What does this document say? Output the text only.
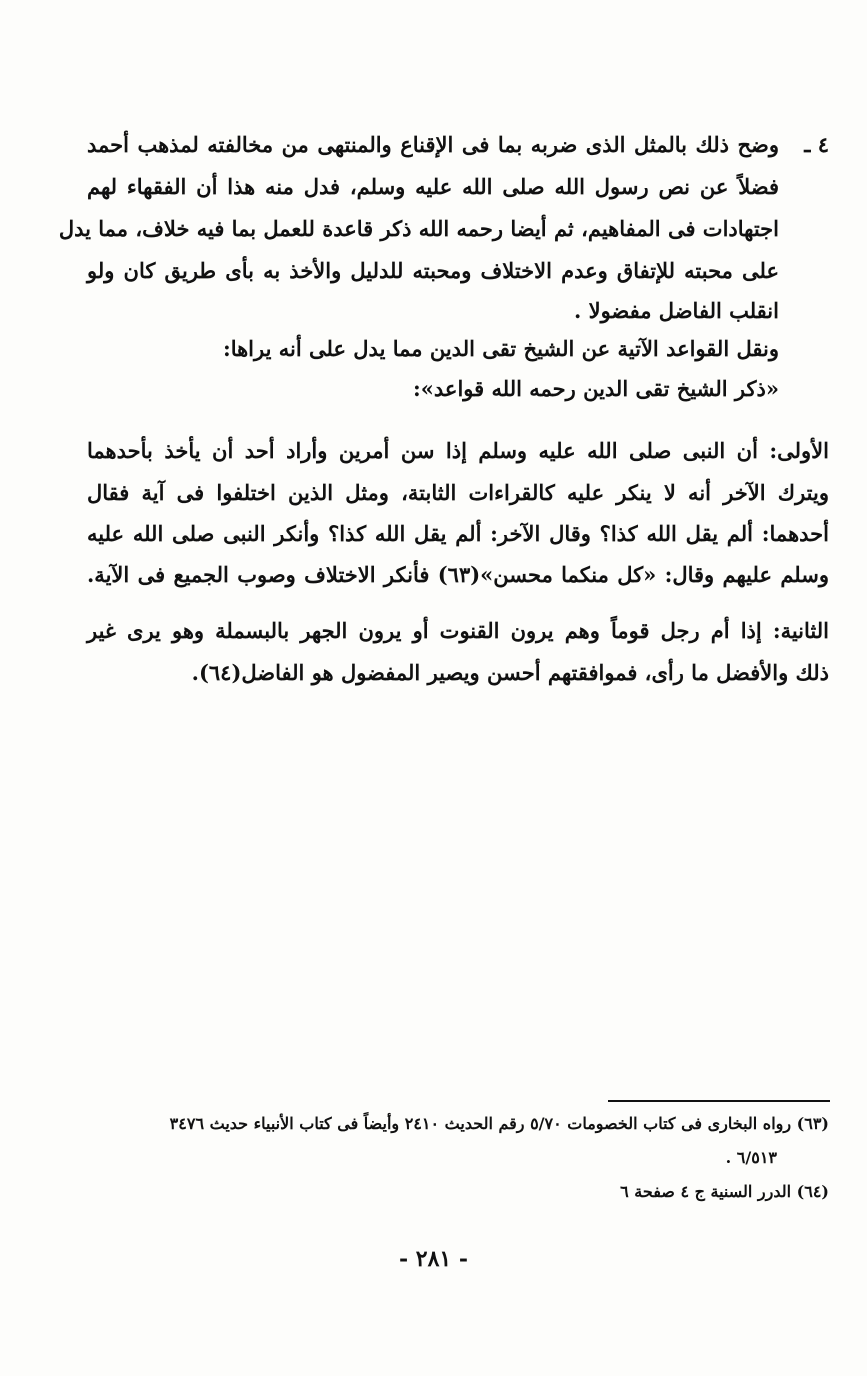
٤ ـ
وضح ذلك بالمثل الذى ضربه بما فى الإقناع والمنتهى من مخالفته لمذهب أحمد
فضلاً عن نص رسول الله صلى الله عليه وسلم، فدل منه هذا أن الفقهاء لهم
اجتهادات فى المفاهيم، ثم أيضا رحمه الله ذكر قاعدة للعمل بما فيه خلاف، مما يدل
على محبته للإتفاق وعدم الاختلاف ومحبته للدليل والأخذ به بأى طريق كان ولو
انقلب الفاضل مفضولا .
ونقل القواعد الآتية عن الشيخ تقى الدين مما يدل على أنه يراها:
«ذكر الشيخ تقى الدين رحمه الله قواعد»:
الأولى: أن النبى صلى الله عليه وسلم إذا سن أمرين وأراد أحد أن يأخذ بأحدهما
ويترك الآخر أنه لا ينكر عليه كالقراءات الثابتة، ومثل الذين اختلفوا فى آية فقال
أحدهما: ألم يقل الله كذا؟ وقال الآخر: ألم يقل الله كذا؟ وأنكر النبى صلى الله عليه
وسلم عليهم وقال: «كل منكما محسن»(٦٣) فأنكر الاختلاف وصوب الجميع فى الآية.
الثانية: إذا أم رجل قوماً وهم يرون القنوت أو يرون الجهر بالبسملة وهو يرى غير
ذلك والأفضل ما رأى، فموافقتهم أحسن ويصير المفضول هو الفاضل(٦٤).
(٦٣) رواه البخارى فى كتاب الخصومات ٥/٧٠ رقم الحديث ٢٤١٠ وأيضاً فى كتاب الأنبياء حديث ٣٤٧٦
٦/٥١٣ .
(٦٤) الدرر السنية ج ٤ صفحة ٦
- ٢٨١ -
